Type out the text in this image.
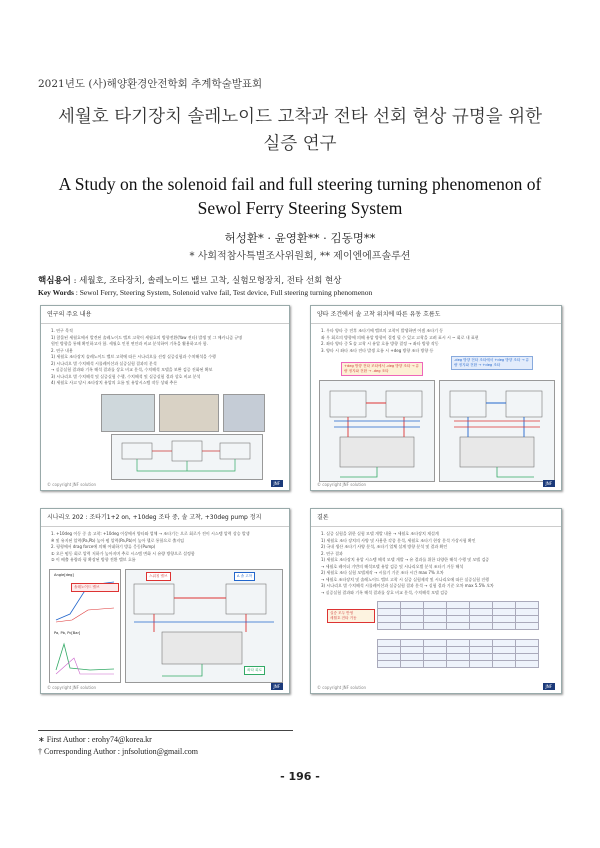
2021년도 (사)해양환경안전학회 추계학술발표회
세월호 타기장치 솔레노이드 고착과 전타 선회 현상 규명을 위한
실증 연구
A Study on the solenoid fail and full steering turning phenomenon of
Sewol Ferry Steering System
허성환* · 윤영환** · 김동명**
* 사회적참사특별조사위원회, ** 제이엔에프솔루션
핵심용어 : 세월호, 조타장치, 솔레노이드 밸브 고착, 실험모형장치, 전타 선회 현상
Key Words : Sewol Ferry, Steering System, Solenoid valve fail, Test device, Full steering turning phenomenon
연구의 주요 내용
1. 연구 목적
1) 참몰된 세월호에서 발견된 솔레노이드 밸브 고착이 세월호의 방향전환(Yaw 전타) 발생 및 그 메카니즘 규명
원인 방향을 통해 확인하고자 함. 세월호 인천 연안과 비교 분석하여 기록을 활용하고자 함.
2. 연구 내용
1) 세월호 조타장치 솔레노이드 밸브 고착에 따른 시나리오를 선정 실증실험과 수치해석을 수행
2) 시나리오 별 수치해석 시뮬레이션과 실증실험 결과의 분석
→ 실증실험 결과와 기록 해석 결과를 상호 비교 분석, 수치해석 모델을 보완 검증 진화된 확보
3) 시나리오 별 수치해석 및 실증실험 수행, 수치해석 및 실증실험 결과 상호 비교 분석
4) 세월호 사고 당시 조타장치 유압의 흐름 및 유압시스템 작동 상태 추론
© copyright JNF solution	JNF
양타 조건에서 솔 고착 위치에 따른 유동 흐름도
1. 우타 양타 중 전후 조타기에 밸브의 고착이 발생하면 어셈 조타기 동
좌 우 회로의 방향에 의해 유압 방향이 결정 될 수 있고 고착을 고려 표시 시 ~ 회로 내 표현
2. 좌타 양타 중 S 솔 고착 시 유압 흐름 방향 결정 → 좌타 방향 작동
3. 양타 시 좌타 조타 전타 발생 흐름 시 +deg 방향 조타 방향 등
+deg 방향 전타 조타에서 -deg 방향 조타 → 유량 정지와 전환 → -deg 조타
-deg 방향 전타 조타에서 +deg 방향 조타 → 유량 정지와 전환 → +deg 조타
© copyright JNF solution	JNF
시나리오 202 : 조타기1+2 on, +10deg 조타 중, 솔 고착, +30deg pump 정지
1. +10deg 이동 중 솔 고착: +10deg 이상에서 양타와 업체 → 조타기는 으로 회로가 전이 시스템 압력 상승 발생
※ 및 유지된 압력(Pa,Pb) 높아 펌 압력(Pa,Pb)이 높아 헬로 통합으로 출지임
2. 평형에서 drag force에 의해 어네하기 방류 응동(Pump)
① 오른 펌동 회로 압력 저하가 높아지며 추로 시스템 변화 시 유량 방향으로 설정함
② 이 배출 유량과 평 확장된 방향 전환 밸브 흐름
Angle[deg]
Pa, Pb, Pc[Bar]
솔레노이드 밸브
스위칭 밸브	A 솔 고착
좌타 회로
© copyright JNF solution	JNF
결론
1. 실증 실험을 위한 실험 모델 개발 내용 → 세월호 조타장치 재설계
1) 세월호 조타 장치의 사양 및 사용한 각종 분석, 세월호 조타기 현장 분석 가상시험 확인
2) 국내 생산 조타기 사양 분석, 조타기 업체 설계 방향 분석 및 결과 확인
2. 연구 결과
1) 세월호 조타장치 유압 시스템 해석 모델 개발 → 유 결과를 위한 다양한 해석 수행 및 모델 검증
→ 세월호 레이더 기반의 해석모델 유압 검증 및 시나리오별 분석 조타기 거동 해석
2) 세월호 조타 실험 모델제작 → 시뮬기 기준 조타 시간 max 7% 오차
→ 세월호 조타장치 및 솔레노이드 밸브 고착 시 실증 실험제작 및 시나리오에 따른 실증실험 진행
3) 시나리오 별 수치해석 시뮬레이션과 실증실험 결과 분석 → 실험 결과 기준 오차 max 5.5% 오차
→ 실증실험 결과와 기록 해석 결과를 상호 비교 분석, 수치해석 모델 검증
실증 모두 반영
세월호 전타 거동

© copyright JNF solution	JNF
∗ First Author : erohy74@korea.kr
† Corresponding Author : jnfsolution@gmail.com
- 196 -
